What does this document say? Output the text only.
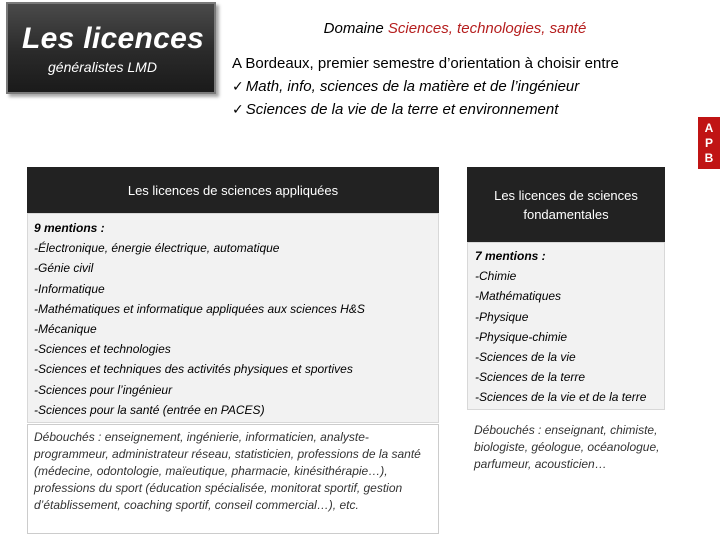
Les licences
généralistes LMD
Domaine Sciences, technologies, santé
A Bordeaux, premier semestre d’orientation à choisir entre
✓ Math, info, sciences de la matière et de l’ingénieur
✓ Sciences de la vie de la terre et environnement
A
P
B
Les licences de sciences appliquées
9 mentions :
-Électronique, énergie électrique, automatique
-Génie civil
-Informatique
-Mathématiques et informatique appliquées aux sciences H&S
-Mécanique
-Sciences et technologies
-Sciences et techniques des activités physiques et sportives
-Sciences pour l’ingénieur
-Sciences pour la santé (entrée en PACES)
Débouchés : enseignement, ingénierie, informaticien, analyste-programmeur, administrateur réseau, statisticien, professions de la santé (médecine, odontologie, maïeutique, pharmacie, kinésithérapie…), professions du sport (éducation spécialisée, monitorat sportif, gestion d’établissement, coaching sportif, conseil commercial…), etc.
Les licences de sciences fondamentales
7 mentions :
-Chimie
-Mathématiques
-Physique
-Physique-chimie
-Sciences de la vie
-Sciences de la terre
-Sciences de la vie et de la terre
Débouchés : enseignant, chimiste, biologiste, géologue, océanologue, parfumeur, acousticien…
